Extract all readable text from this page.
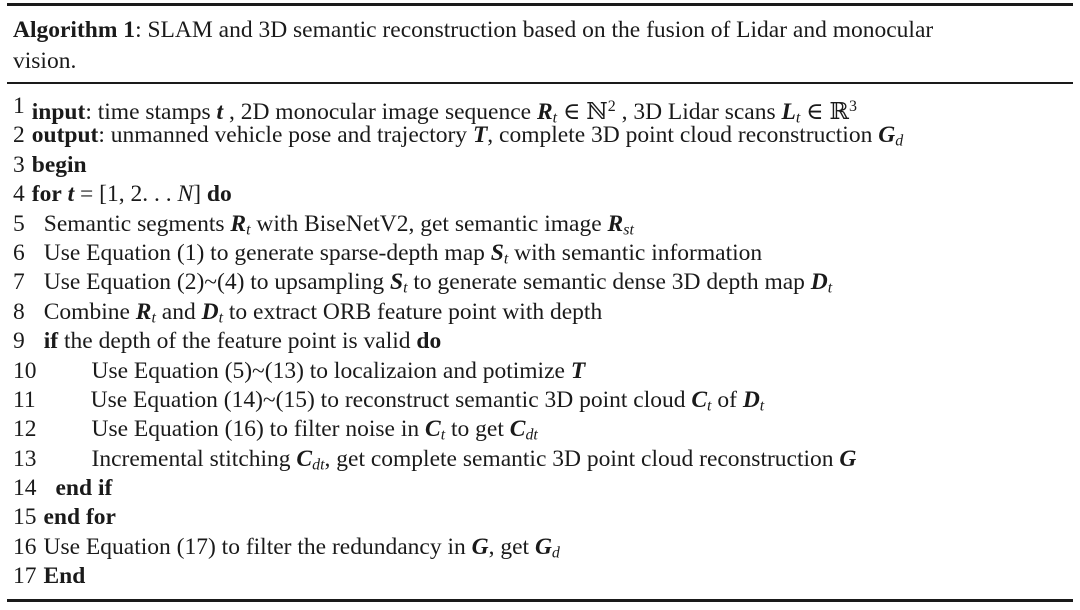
Algorithm 1: SLAM and 3D semantic reconstruction based on the fusion of Lidar and monocular
vision.
1 input: time stamps t , 2D monocular image sequence $R_t$ ∈ ℕ$^2$ , 3D Lidar scans $L_t$ ∈ ℝ$^3$
2 output: unmanned vehicle pose and trajectory T, complete 3D point cloud reconstruction $G_d$
3 begin
4 for t = [1, 2. . . N] do
5 Semantic segments $R_t$ with BiseNetV2, get semantic image $R_{st}$
6 Use Equation (1) to generate sparse-depth map $S_t$ with semantic information
7 Use Equation (2)~(4) to upsampling $S_t$ to generate semantic dense 3D depth map $D_t$
8 Combine $R_t$ and $D_t$ to extract ORB feature point with depth
9 if the depth of the feature point is valid do
10 Use Equation (5)~(13) to localizaion and potimize T
11 Use Equation (14)~(15) to reconstruct semantic 3D point cloud $C_t$ of $D_t$
12 Use Equation (16) to filter noise in $C_t$ to get $C_{dt}$
13 Incremental stitching $C_{dt}$, get complete semantic 3D point cloud reconstruction G
14 end if
15 end for
16 Use Equation (17) to filter the redundancy in G, get $G_d$
17 End
